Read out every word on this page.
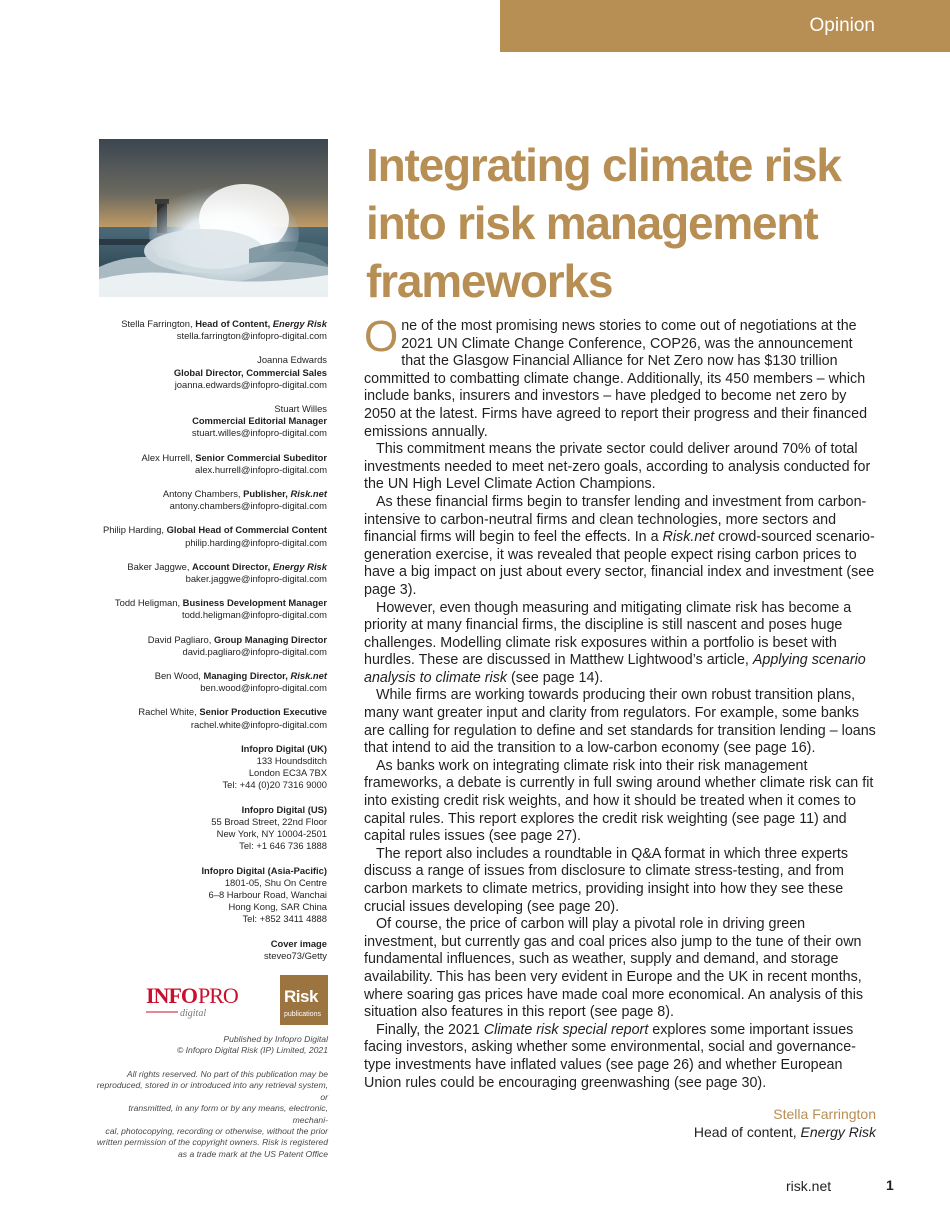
Opinion
Integrating climate risk into risk management frameworks

One of the most promising news stories to come out of negotiations at the 2021 UN Climate Change Conference, COP26, was the announcement that the Glasgow Financial Alliance for Net Zero now has $130 trillion committed to combatting climate change. Additionally, its 450 members – which include banks, insurers and investors – have pledged to become net zero by 2050 at the latest. Firms have agreed to report their progress and their financed emissions annually.

This commitment means the private sector could deliver around 70% of total investments needed to meet net-zero goals, according to analysis conducted for the UN High Level Climate Action Champions.

As these financial firms begin to transfer lending and investment from carbon-intensive to carbon-neutral firms and clean technologies, more sectors and financial firms will begin to feel the effects. In a Risk.net crowd-sourced scenario-generation exercise, it was revealed that people expect rising carbon prices to have a big impact on just about every sector, financial index and investment (see page 3).

However, even though measuring and mitigating climate risk has become a priority at many financial firms, the discipline is still nascent and poses huge challenges. Modelling climate risk exposures within a portfolio is beset with hurdles. These are discussed in Matthew Lightwood’s article, Applying scenario analysis to climate risk (see page 14).

While firms are working towards producing their own robust transition plans, many want greater input and clarity from regulators. For example, some banks are calling for regulation to define and set standards for transition lending – loans that intend to aid the transition to a low-carbon economy (see page 16).

As banks work on integrating climate risk into their risk management frameworks, a debate is currently in full swing around whether climate risk can fit into existing credit risk weights, and how it should be treated when it comes to capital rules. This report explores the credit risk weighting (see page 11) and capital rules issues (see page 27).

The report also includes a roundtable in Q&A format in which three experts discuss a range of issues from disclosure to climate stress-testing, and from carbon markets to climate metrics, providing insight into how they see these crucial issues developing (see page 20).

Of course, the price of carbon will play a pivotal role in driving green investment, but currently gas and coal prices also jump to the tune of their own fundamental influences, such as weather, supply and demand, and storage availability. This has been very evident in Europe and the UK in recent months, where soaring gas prices have made coal more economical. An analysis of this situation also features in this report (see page 8).

Finally, the 2021 Climate risk special report explores some important issues facing investors, asking whether some environmental, social and governance-type investments have inflated values (see page 26) and whether European Union rules could be encouraging greenwashing (see page 30).

Stella Farrington
Head of content, Energy Risk
Stella Farrington, Head of Content, Energy Risk
stella.farrington@infopro-digital.com
Joanna Edwards
Global Director, Commercial Sales
joanna.edwards@infopro-digital.com
Stuart Willes
Commercial Editorial Manager
stuart.willes@infopro-digital.com
Alex Hurrell, Senior Commercial Subeditor
alex.hurrell@infopro-digital.com
Antony Chambers, Publisher, Risk.net
antony.chambers@infopro-digital.com
Philip Harding, Global Head of Commercial Content
philip.harding@infopro-digital.com
Baker Jaggwe, Account Director, Energy Risk
baker.jaggwe@infopro-digital.com
Todd Heligman, Business Development Manager
todd.heligman@infopro-digital.com
David Pagliaro, Group Managing Director
david.pagliaro@infopro-digital.com
Ben Wood, Managing Director, Risk.net
ben.wood@infopro-digital.com
Rachel White, Senior Production Executive
rachel.white@infopro-digital.com
Infopro Digital (UK)
133 Houndsditch
London EC3A 7BX
Tel: +44 (0)20 7316 9000
Infopro Digital (US)
55 Broad Street, 22nd Floor
New York, NY 10004-2501
Tel: +1 646 736 1888
Infopro Digital (Asia-Pacific)
1801-05, Shu On Centre
6–8 Harbour Road, Wanchai
Hong Kong, SAR China
Tel: +852 3411 4888
Cover image
steveo73/Getty
INFO PRO
digital
Risk
publications
Published by Infopro Digital
© Infopro Digital Risk (IP) Limited, 2021
All rights reserved. No part of this publication may be
reproduced, stored in or introduced into any retrieval system, or
transmitted, in any form or by any means, electronic, mechani-
cal, photocopying, recording or otherwise, without the prior
written permission of the copyright owners. Risk is registered
as a trade mark at the US Patent Office
risk.net	1
